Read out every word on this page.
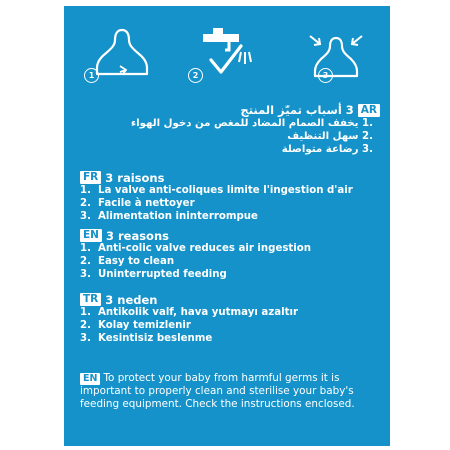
1	2	3
3 أسباب تميّز المنتج AR
يخفف الصمام المضاد للمغص من دخول الهواء 1.
سهل التنظيف 2.
رضاعة متواصلة 3.
FR 3 raisons
1. La valve anti-coliques limite l'ingestion d'air
2. Facile à nettoyer
3. Alimentation ininterrompue
EN 3 reasons
1. Anti-colic valve reduces air ingestion
2. Easy to clean
3. Uninterrupted feeding
TR 3 neden
1. Antikolik valf, hava yutmayı azaltır
2. Kolay temizlenir
3. Kesintisiz beslenme
EN To protect your baby from harmful germs it is important to properly clean and sterilise your baby's feeding equipment. Check the instructions enclosed.
